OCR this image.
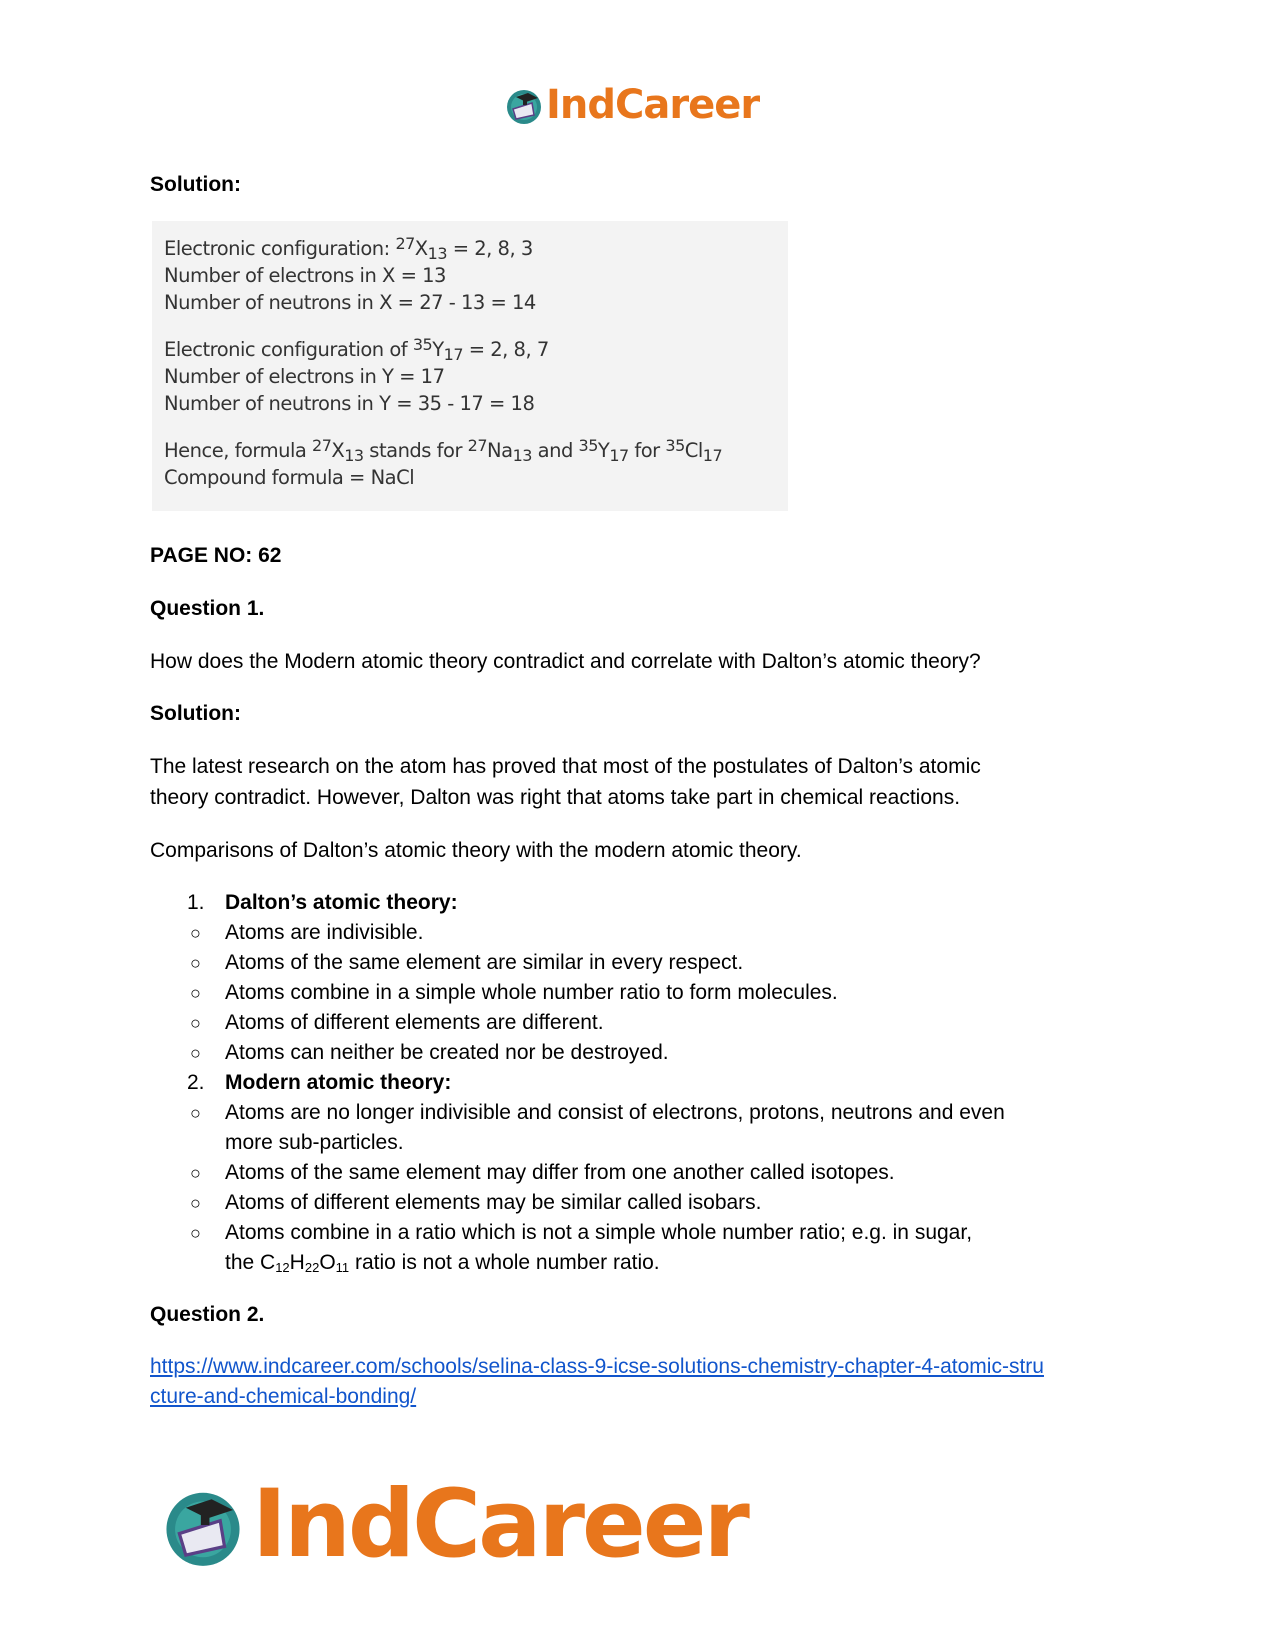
IndCareer
Solution:
Electronic configuration: $^{27}X_{13} = 2$, 8, 3
Number of electrons in X = 13
Number of neutrons in X = 27 - 13 = 14
Electronic configuration of $^{35}Y_{17} = 2$, 8, 7
Number of electrons in Y = 17
Number of neutrons in Y = 35 - 17 = 18
Hence, formula $^{27}X_{13}$ stands for $^{27}Na_{13}$ and $^{35}Y_{17}$ for $^{35}Cl_{17}$
Compound formula = NaCl
PAGE NO: 62
Question 1.

How does the Modern atomic theory contradict and correlate with Dalton’s atomic theory?

Solution:

The latest research on the atom has proved that most of the postulates of Dalton’s atomic

theory contradict. However, Dalton was right that atoms take part in chemical reactions.

Comparisons of Dalton’s atomic theory with the modern atomic theory.

1. Dalton’s atomic theory:
○ Atoms are indivisible.
○ Atoms of the same element are similar in every respect.
○ Atoms combine in a simple whole number ratio to form molecules.
○ Atoms of different elements are different.
○ Atoms can neither be created nor be destroyed.
2. Modern atomic theory:
○ Atoms are no longer indivisible and consist of electrons, protons, neutrons and even more sub-particles.
○ Atoms of the same element may differ from one another called isotopes.
○ Atoms of different elements may be similar called isobars.
○ Atoms combine in a ratio which is not a simple whole number ratio; e.g. in sugar,
the $C_{12}H_{22}O_{11}$ ratio is not a whole number ratio.
Question 2.
https://www.indcareer.com/schools/selina-class-9-icse-solutions-chemistry-chapter-4-atomic-stru
cture-and-chemical-bonding/
IndCareer
